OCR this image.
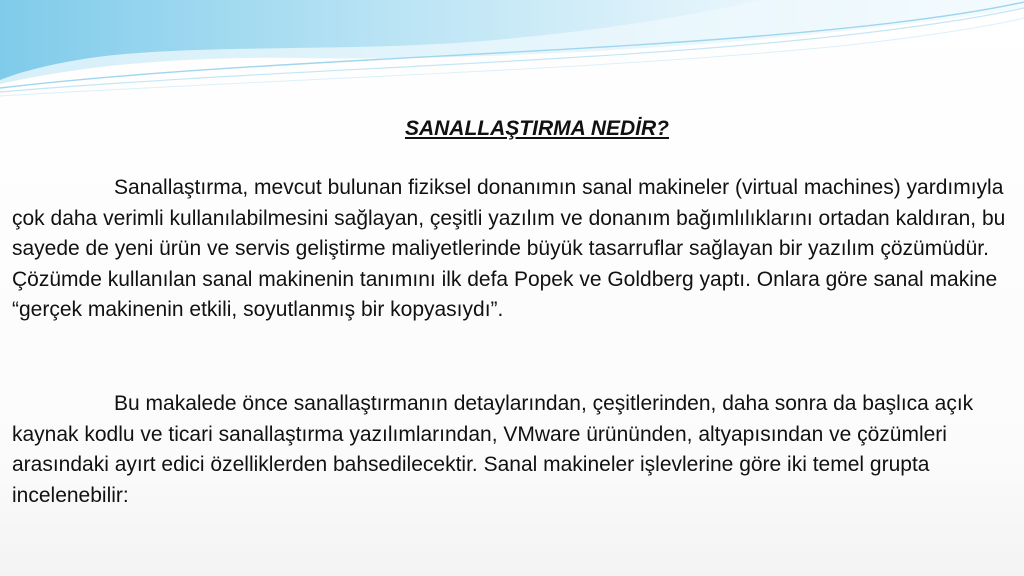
SANALLAŞTIRMA NEDİR?

Sanallaştırma, mevcut bulunan fiziksel donanımın sanal makineler (virtual machines) yardımıyla çok daha verimli kullanılabilmesini sağlayan, çeşitli yazılım ve donanım bağımlılıklarını ortadan kaldıran, bu sayede de yeni ürün ve servis geliştirme maliyetlerinde büyük tasarruflar sağlayan bir yazılım çözümüdür. Çözümde kullanılan sanal makinenin tanımını ilk defa Popek ve Goldberg yaptı. Onlara göre sanal makine “gerçek makinenin etkili, soyutlanmış bir kopyasıydı”.

Bu makalede önce sanallaştırmanın detaylarından, çeşitlerinden, daha sonra da başlıca açık kaynak kodlu ve ticari sanallaştırma yazılımlarından, VMware ürününden, altyapısından ve çözümleri arasındaki ayırt edici özelliklerden bahsedilecektir. Sanal makineler işlevlerine göre iki temel grupta incelenebilir:
